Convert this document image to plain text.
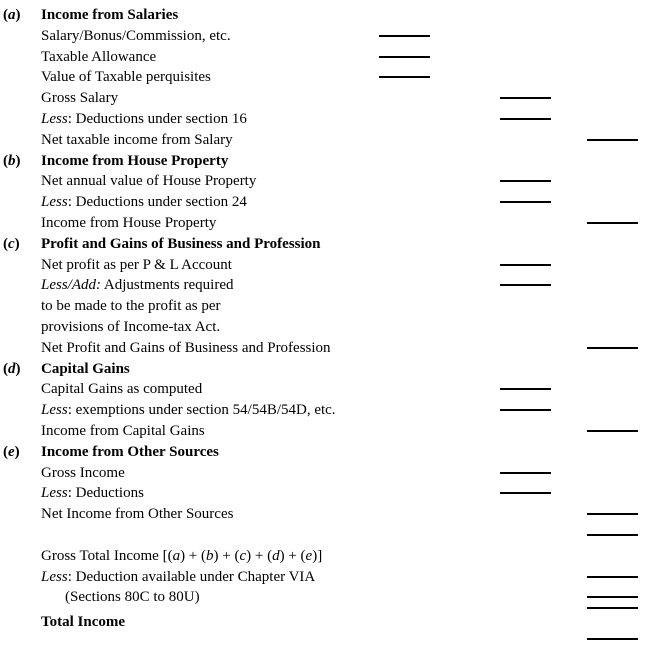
(a) Income from Salaries
Salary/Bonus/Commission, etc.
Taxable Allowance
Value of Taxable perquisites
Gross Salary
Less: Deductions under section 16
Net taxable income from Salary
(b) Income from House Property
Net annual value of House Property
Less: Deductions under section 24
Income from House Property
(c) Profit and Gains of Business and Profession
Net profit as per P & L Account
Less/Add: Adjustments required
to be made to the profit as per
provisions of Income-tax Act.
Net Profit and Gains of Business and Profession
(d) Capital Gains
Capital Gains as computed
Less: exemptions under section 54/54B/54D, etc.
Income from Capital Gains
(e) Income from Other Sources
Gross Income
Less: Deductions
Net Income from Other Sources
Gross Total Income [(a) + (b) + (c) + (d) + (e)]
Less: Deduction available under Chapter VIA
(Sections 80C to 80U)
Total Income
